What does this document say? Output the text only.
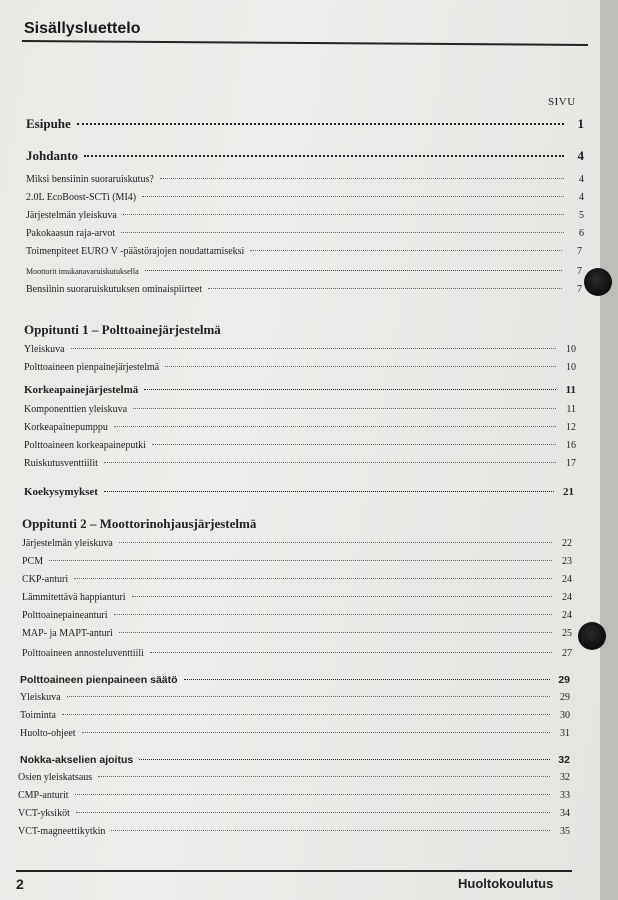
Sisällysluettelo
SIVU
Esipuhe	1
Johdanto	4
Miksi bensiinin suoraruiskutus?	4
2.0L EcoBoost-SCTi (MI4)	4
Järjestelmän yleiskuva	5
Pakokaasun raja-arvot	6
Toimenpiteet EURO V -päästörajojen noudattamiseksi	7
Moottorit imukanavaruiskutuksella	7
Bensiinin suoraruiskutuksen ominaispiirteet	7
Oppitunti 1 – Polttoainejärjestelmä
Yleiskuva	10
Polttoaineen pienpainejärjestelmä	10
Korkeapainejärjestelmä	11
Komponenttien yleiskuva	11
Korkeapainepumppu	12
Polttoaineen korkeapaineputki	16
Ruiskutusventtiilit	17
Koekysymykset	21
Oppitunti 2 – Moottorinohjausjärjestelmä
Järjestelmän yleiskuva	22
PCM	23
CKP-anturi	24
Lämmitettävä happianturi	24
Polttoainepaineanturi	24
MAP- ja MAPT-anturi	25
Polttoaineen annosteluventtiili	27
Polttoaineen pienpaineen säätö	29
Yleiskuva	29
Toiminta	30
Huolto-ohjeet	31
Nokka-akselien ajoitus	32
Osien yleiskatsaus	32
CMP-anturit	33
VCT-yksiköt	34
VCT-magneettikytkin	35
2	Huoltokoulutus
